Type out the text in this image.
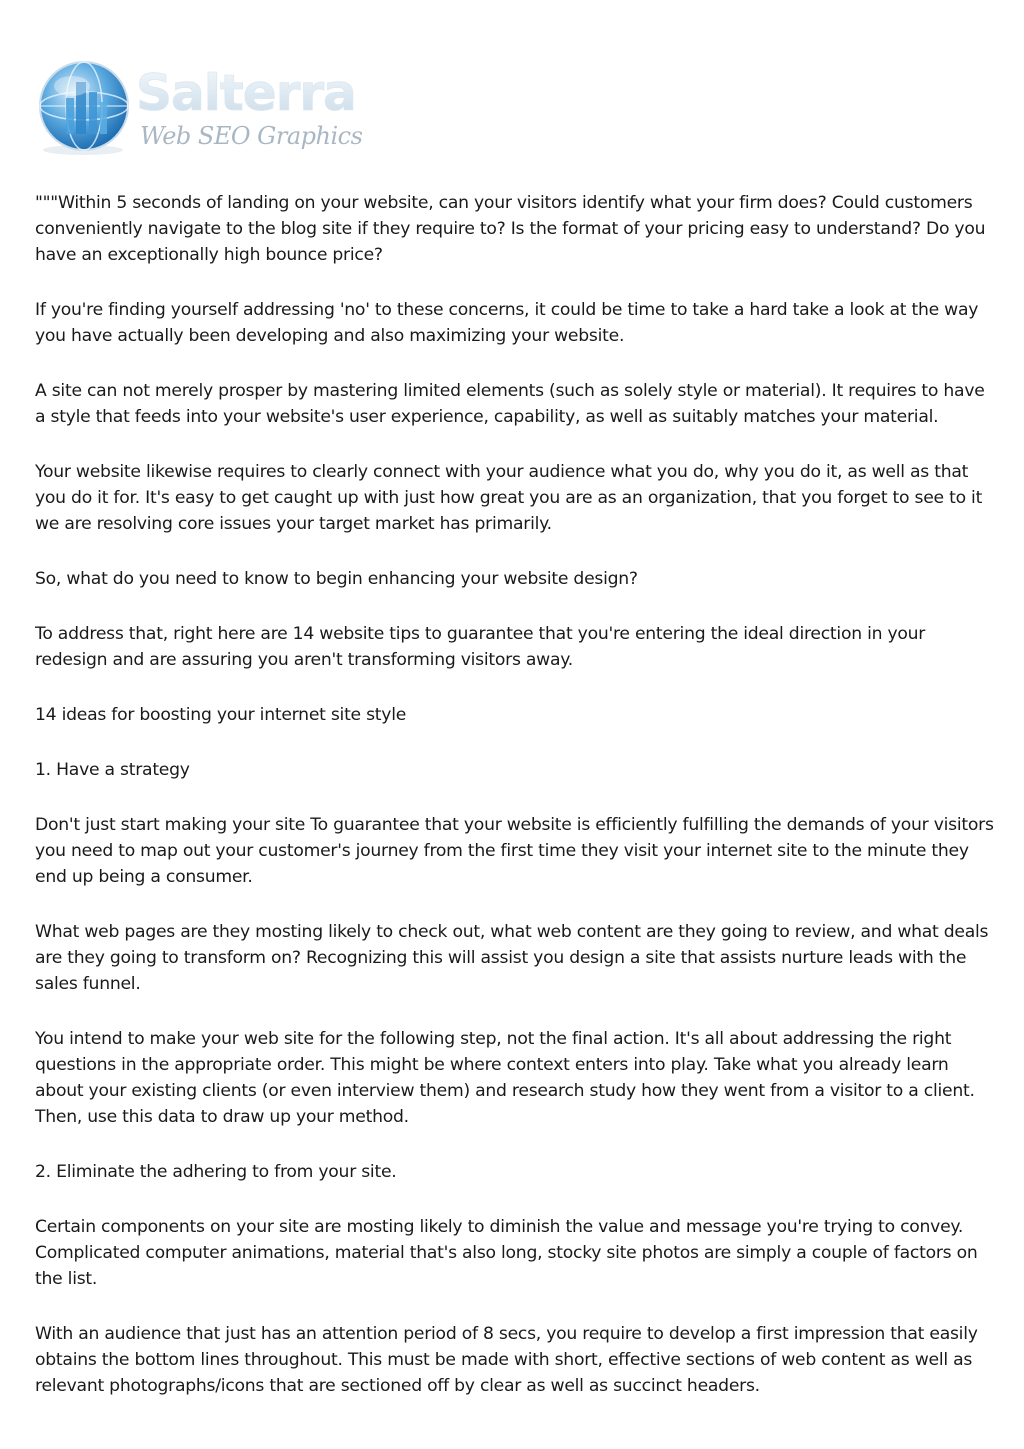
Salterra
Web SEO Graphics

"""Within 5 seconds of landing on your website, can your visitors identify what your firm does? Could customers conveniently navigate to the blog site if they require to? Is the format of your pricing easy to understand? Do you have an exceptionally high bounce price?

If you're finding yourself addressing 'no' to these concerns, it could be time to take a hard take a look at the way you have actually been developing and also maximizing your website.

A site can not merely prosper by mastering limited elements (such as solely style or material). It requires to have a style that feeds into your website's user experience, capability, as well as suitably matches your material.

Your website likewise requires to clearly connect with your audience what you do, why you do it, as well as that you do it for. It's easy to get caught up with just how great you are as an organization, that you forget to see to it we are resolving core issues your target market has primarily.

So, what do you need to know to begin enhancing your website design?

To address that, right here are 14 website tips to guarantee that you're entering the ideal direction in your redesign and are assuring you aren't transforming visitors away.

14 ideas for boosting your internet site style

1. Have a strategy

Don't just start making your site To guarantee that your website is efficiently fulfilling the demands of your visitors you need to map out your customer's journey from the first time they visit your internet site to the minute they end up being a consumer.

What web pages are they mosting likely to check out, what web content are they going to review, and what deals are they going to transform on? Recognizing this will assist you design a site that assists nurture leads with the sales funnel.

You intend to make your web site for the following step, not the final action. It's all about addressing the right questions in the appropriate order. This might be where context enters into play. Take what you already learn about your existing clients (or even interview them) and research study how they went from a visitor to a client. Then, use this data to draw up your method.

2. Eliminate the adhering to from your site.

Certain components on your site are mosting likely to diminish the value and message you're trying to convey. Complicated computer animations, material that's also long, stocky site photos are simply a couple of factors on the list.

With an audience that just has an attention period of 8 secs, you require to develop a first impression that easily obtains the bottom lines throughout. This must be made with short, effective sections of web content as well as relevant photographs/icons that are sectioned off by clear as well as succinct headers.
